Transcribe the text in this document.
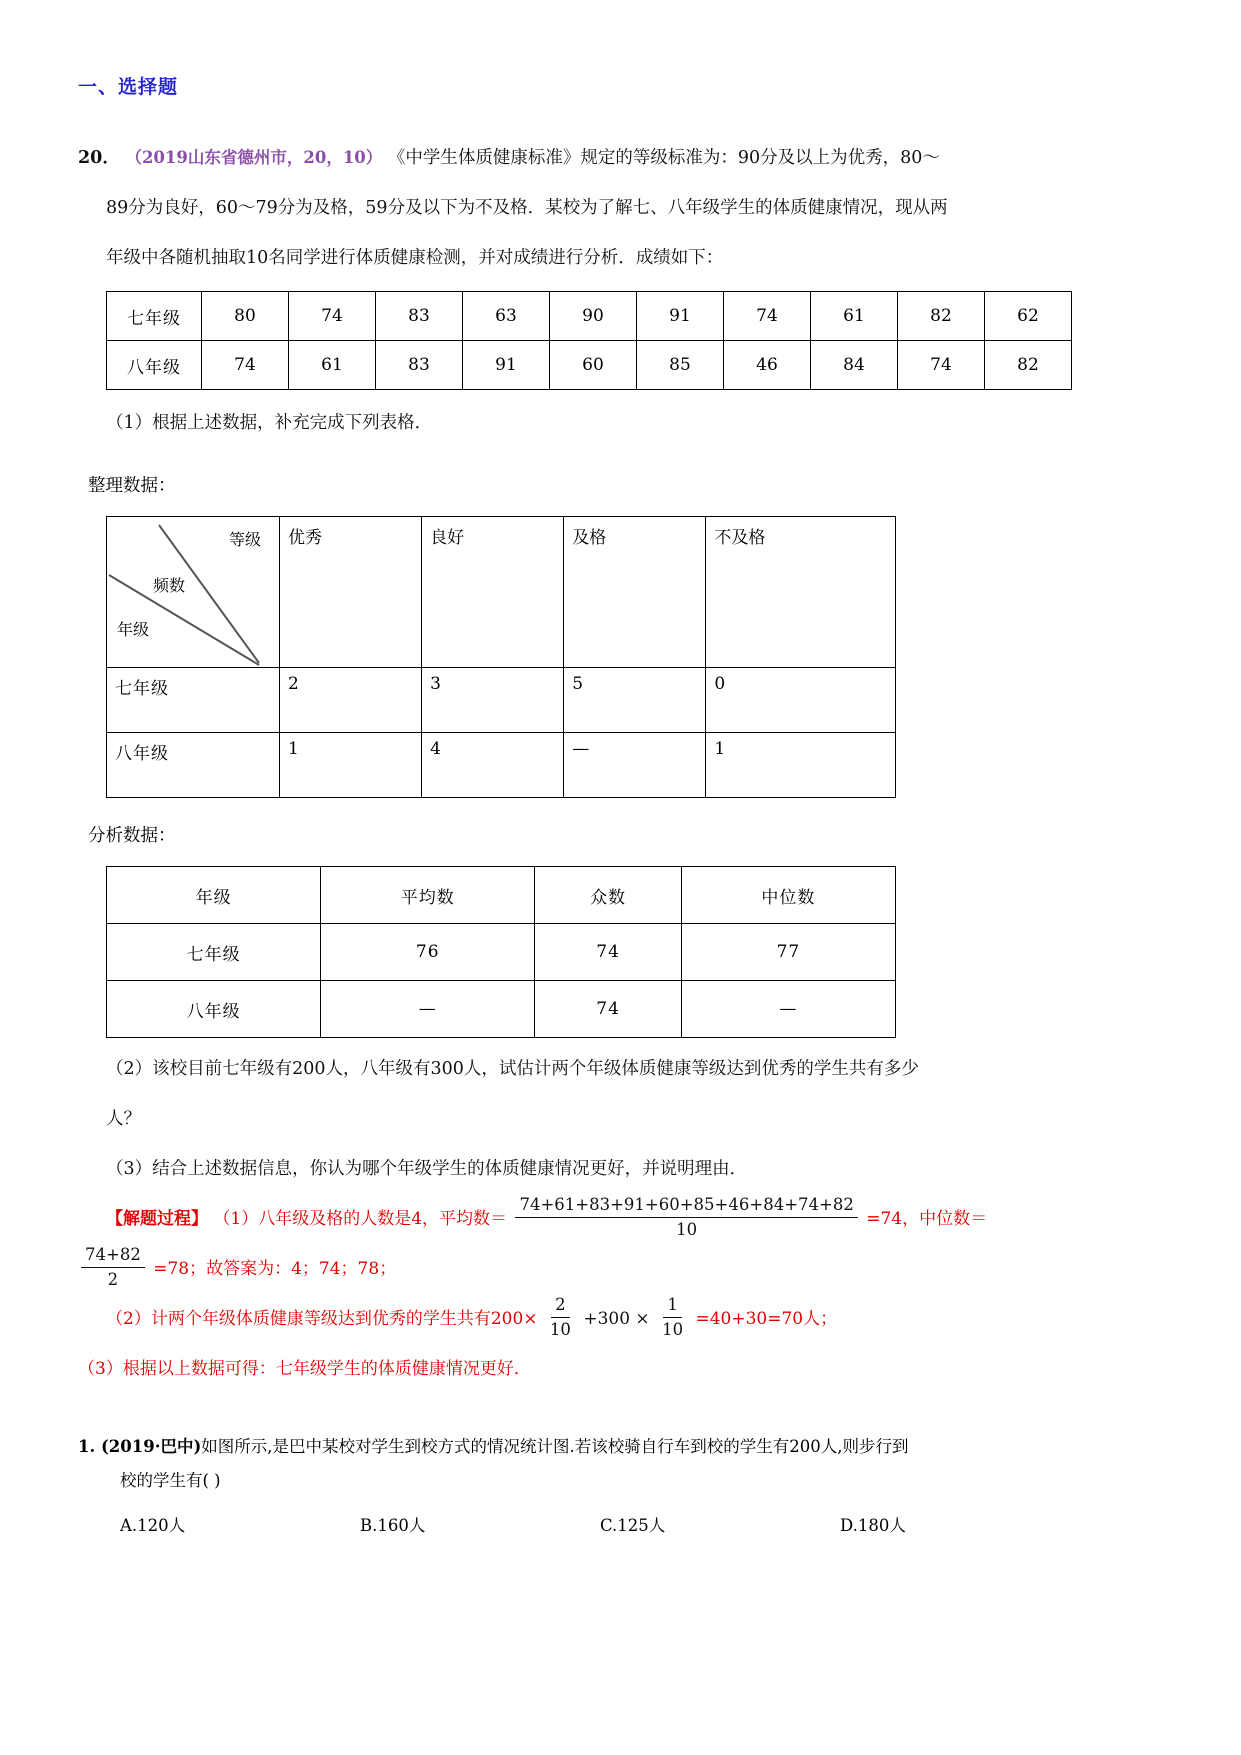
一、选择题
20． （2019山东省德州市，20，10） 《中学生体质健康标准》规定的等级标准为：90分及以上为优秀，80～
89分为良好，60～79分为及格，59分及以下为不及格．某校为了解七、八年级学生的体质健康情况，现从两
年级中各随机抽取10名同学进行体质健康检测，并对成绩进行分析．成绩如下：
七年级	80	74	83	63	90	91	74	61	82	62
八年级	74	61	83	91	60	85	46	84	74	82
（1）根据上述数据，补充完成下列表格．
整理数据：
等级
频数
年级	优秀	良好	及格	不及格
七年级	2	3	5	0
八年级	1	4	—	1
分析数据：
年级	平均数	众数	中位数
七年级	76	74	77
八年级	—	74	—
（2）该校目前七年级有200人，八年级有300人，试估计两个年级体质健康等级达到优秀的学生共有多少
人？
（3）结合上述数据信息，你认为哪个年级学生的体质健康情况更好，并说明理由．
【解题过程】 （1）八年级及格的人数是4，平均数＝ $\frac{74+61+83+91+60+85+46+84+74+82}{10} =74$，中位数＝
$\frac{74+82}{2} =78$；故答案为：4；74；78；
（2）计两个年级体质健康等级达到优秀的学生共有$200\times \frac{2}{10} +300 \times \frac{1}{10} =40+30=70$人；
（3）根据以上数据可得：七年级学生的体质健康情况更好．
1. (2019·巴中)如图所示,是巴中某校对学生到校方式的情况统计图.若该校骑自行车到校的学生有200人,则步行到
校的学生有( )
A.120人	B.160人	C.125人	D.180人
